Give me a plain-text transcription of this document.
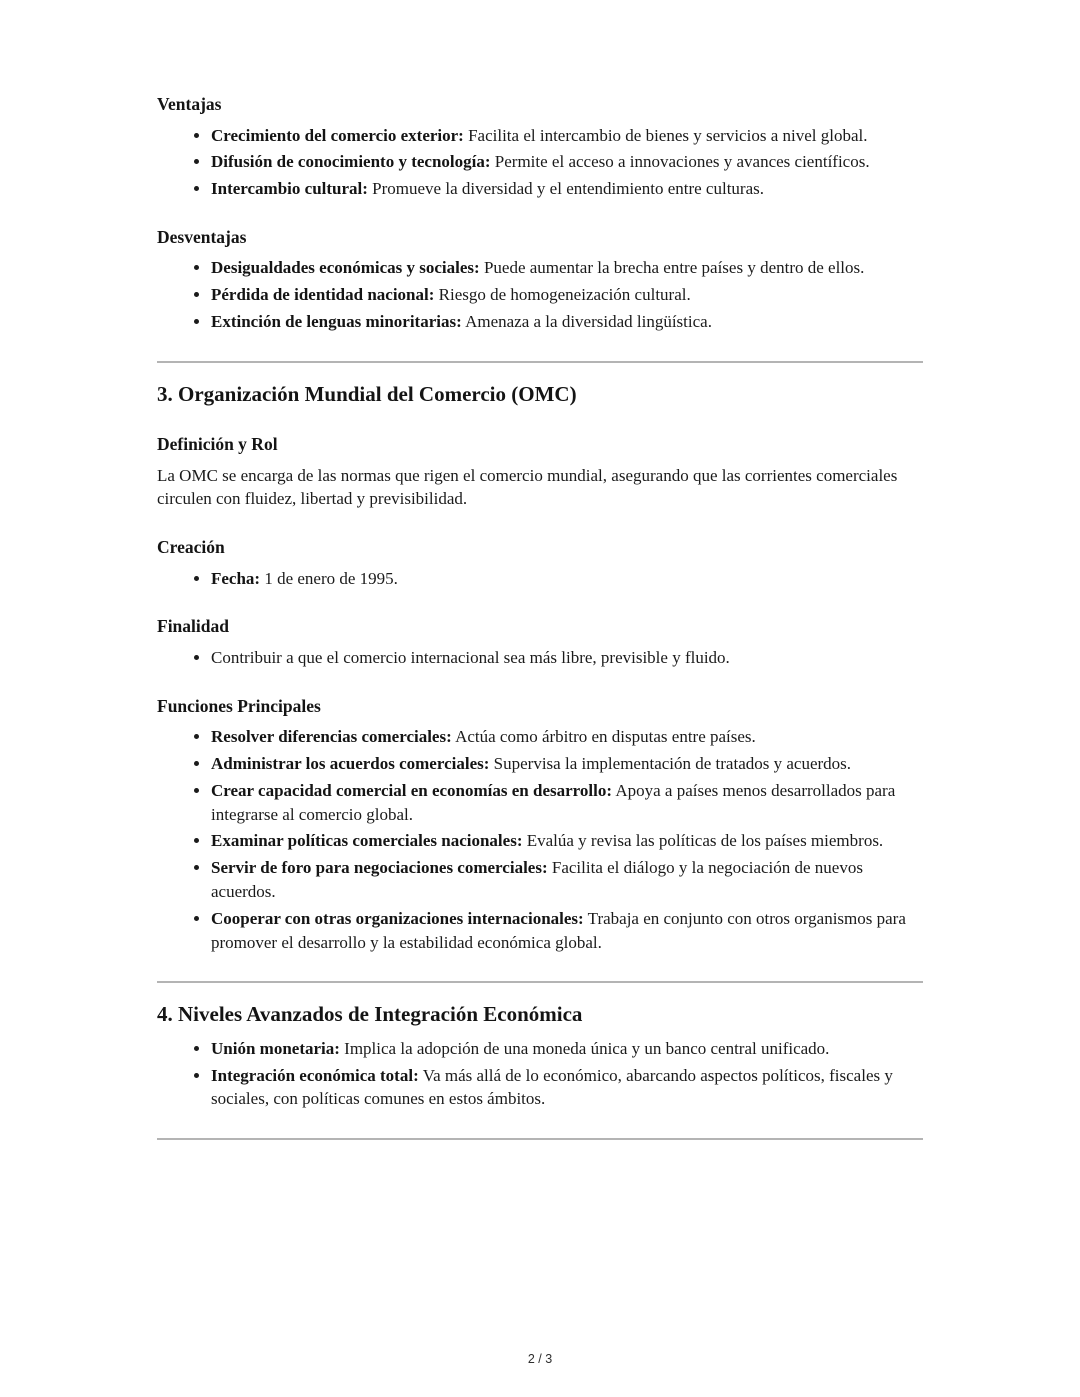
Ventajas
• Crecimiento del comercio exterior: Facilita el intercambio de bienes y servicios a nivel global.
• Difusión de conocimiento y tecnología: Permite el acceso a innovaciones y avances científicos.
• Intercambio cultural: Promueve la diversidad y el entendimiento entre culturas.
Desventajas
• Desigualdades económicas y sociales: Puede aumentar la brecha entre países y dentro de ellos.
• Pérdida de identidad nacional: Riesgo de homogeneización cultural.
• Extinción de lenguas minoritarias: Amenaza a la diversidad lingüística.
3. Organización Mundial del Comercio (OMC)
Definición y Rol

La OMC se encarga de las normas que rigen el comercio mundial, asegurando que las corrientes comerciales circulen con fluidez, libertad y previsibilidad.

Creación
• Fecha: 1 de enero de 1995.
Finalidad
• Contribuir a que el comercio internacional sea más libre, previsible y fluido.
Funciones Principales
• Resolver diferencias comerciales: Actúa como árbitro en disputas entre países.
• Administrar los acuerdos comerciales: Supervisa la implementación de tratados y acuerdos.
• Crear capacidad comercial en economías en desarrollo: Apoya a países menos desarrollados para integrarse al comercio global.
• Examinar políticas comerciales nacionales: Evalúa y revisa las políticas de los países miembros.
• Servir de foro para negociaciones comerciales: Facilita el diálogo y la negociación de nuevos acuerdos.
• Cooperar con otras organizaciones internacionales: Trabaja en conjunto con otros organismos para promover el desarrollo y la estabilidad económica global.
4. Niveles Avanzados de Integración Económica
• Unión monetaria: Implica la adopción de una moneda única y un banco central unificado.
• Integración económica total: Va más allá de lo económico, abarcando aspectos políticos, fiscales y sociales, con políticas comunes en estos ámbitos.
2 / 3
